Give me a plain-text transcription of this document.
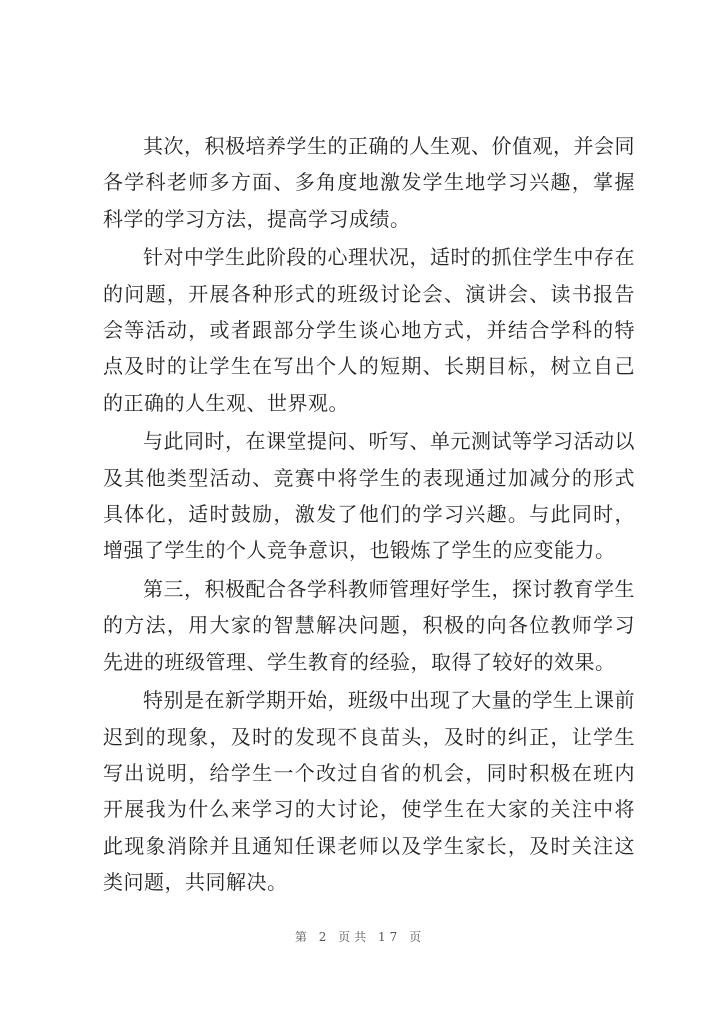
其次，积极培养学生的正确的人生观、价值观，并会同各学科老师多方面、多角度地激发学生地学习兴趣，掌握科学的学习方法，提高学习成绩。

针对中学生此阶段的心理状况，适时的抓住学生中存在的问题，开展各种形式的班级讨论会、演讲会、读书报告会等活动，或者跟部分学生谈心地方式，并结合学科的特点及时的让学生在写出个人的短期、长期目标，树立自己的正确的人生观、世界观。

与此同时，在课堂提问、听写、单元测试等学习活动以及其他类型活动、竞赛中将学生的表现通过加减分的形式具体化，适时鼓励，激发了他们的学习兴趣。与此同时，增强了学生的个人竞争意识，也锻炼了学生的应变能力。

第三，积极配合各学科教师管理好学生，探讨教育学生的方法，用大家的智慧解决问题，积极的向各位教师学习先进的班级管理、学生教育的经验，取得了较好的效果。

特别是在新学期开始，班级中出现了大量的学生上课前迟到的现象，及时的发现不良苗头，及时的纠正，让学生写出说明，给学生一个改过自省的机会，同时积极在班内开展我为什么来学习的大讨论，使学生在大家的关注中将此现象消除并且通知任课老师以及学生家长，及时关注这类问题，共同解决。

第 2 页共 17 页
